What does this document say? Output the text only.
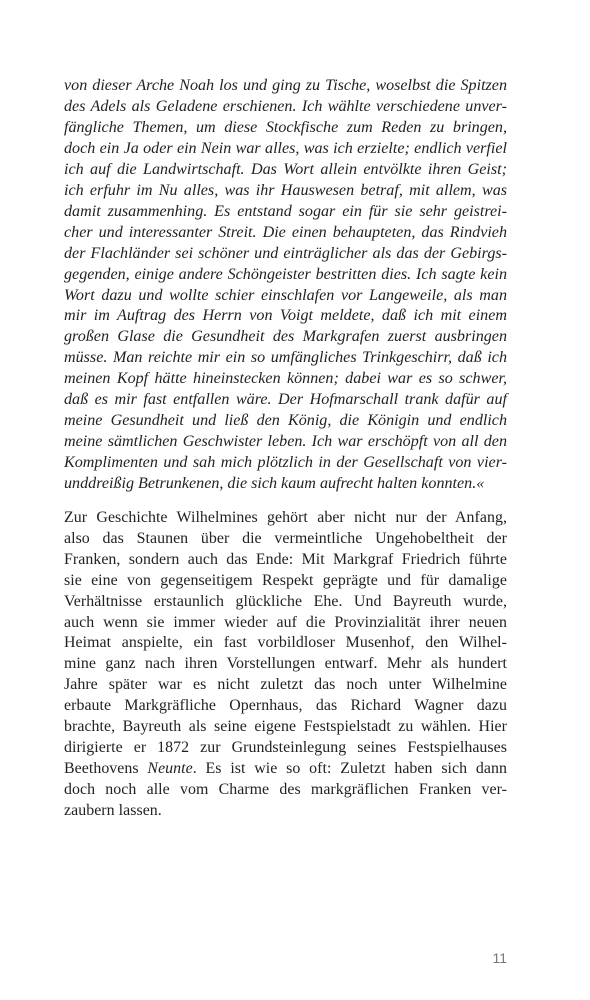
von dieser Arche Noah los und ging zu Tische, woselbst die Spitzen
des Adels als Geladene erschienen. Ich wählte verschiedene unver-
fängliche Themen, um diese Stockfische zum Reden zu bringen,
doch ein Ja oder ein Nein war alles, was ich erzielte; endlich verfiel
ich auf die Landwirtschaft. Das Wort allein entvölkte ihren Geist;
ich erfuhr im Nu alles, was ihr Hauswesen betraf, mit allem, was
damit zusammenhing. Es entstand sogar ein für sie sehr geistrei-
cher und interessanter Streit. Die einen behaupteten, das Rindvieh
der Flachländer sei schöner und einträglicher als das der Gebirgs-
gegenden, einige andere Schöngeister bestritten dies. Ich sagte kein
Wort dazu und wollte schier einschlafen vor Langeweile, als man
mir im Auftrag des Herrn von Voigt meldete, daß ich mit einem
großen Glase die Gesundheit des Markgrafen zuerst ausbringen
müsse. Man reichte mir ein so umfängliches Trinkgeschirr, daß ich
meinen Kopf hätte hineinstecken können; dabei war es so schwer,
daß es mir fast entfallen wäre. Der Hofmarschall trank dafür auf
meine Gesundheit und ließ den König, die Königin und endlich
meine sämtlichen Geschwister leben. Ich war erschöpft von all den
Komplimenten und sah mich plötzlich in der Gesellschaft von vier-
unddreißig Betrunkenen, die sich kaum aufrecht halten konnten.«
Zur Geschichte Wilhelmines gehört aber nicht nur der Anfang,
also das Staunen über die vermeintliche Ungehobeltheit der
Franken, sondern auch das Ende: Mit Markgraf Friedrich führte
sie eine von gegenseitigem Respekt geprägte und für damalige
Verhältnisse erstaunlich glückliche Ehe. Und Bayreuth wurde,
auch wenn sie immer wieder auf die Provinzialität ihrer neuen
Heimat anspielte, ein fast vorbildloser Musenhof, den Wilhel-
mine ganz nach ihren Vorstellungen entwarf. Mehr als hundert
Jahre später war es nicht zuletzt das noch unter Wilhelmine
erbaute Markgräfliche Opernhaus, das Richard Wagner dazu
brachte, Bayreuth als seine eigene Festspielstadt zu wählen. Hier
dirigierte er 1872 zur Grundsteinlegung seines Festspielhauses
Beethovens Neunte. Es ist wie so oft: Zuletzt haben sich dann
doch noch alle vom Charme des markgräflichen Franken ver-
zaubern lassen.
11
